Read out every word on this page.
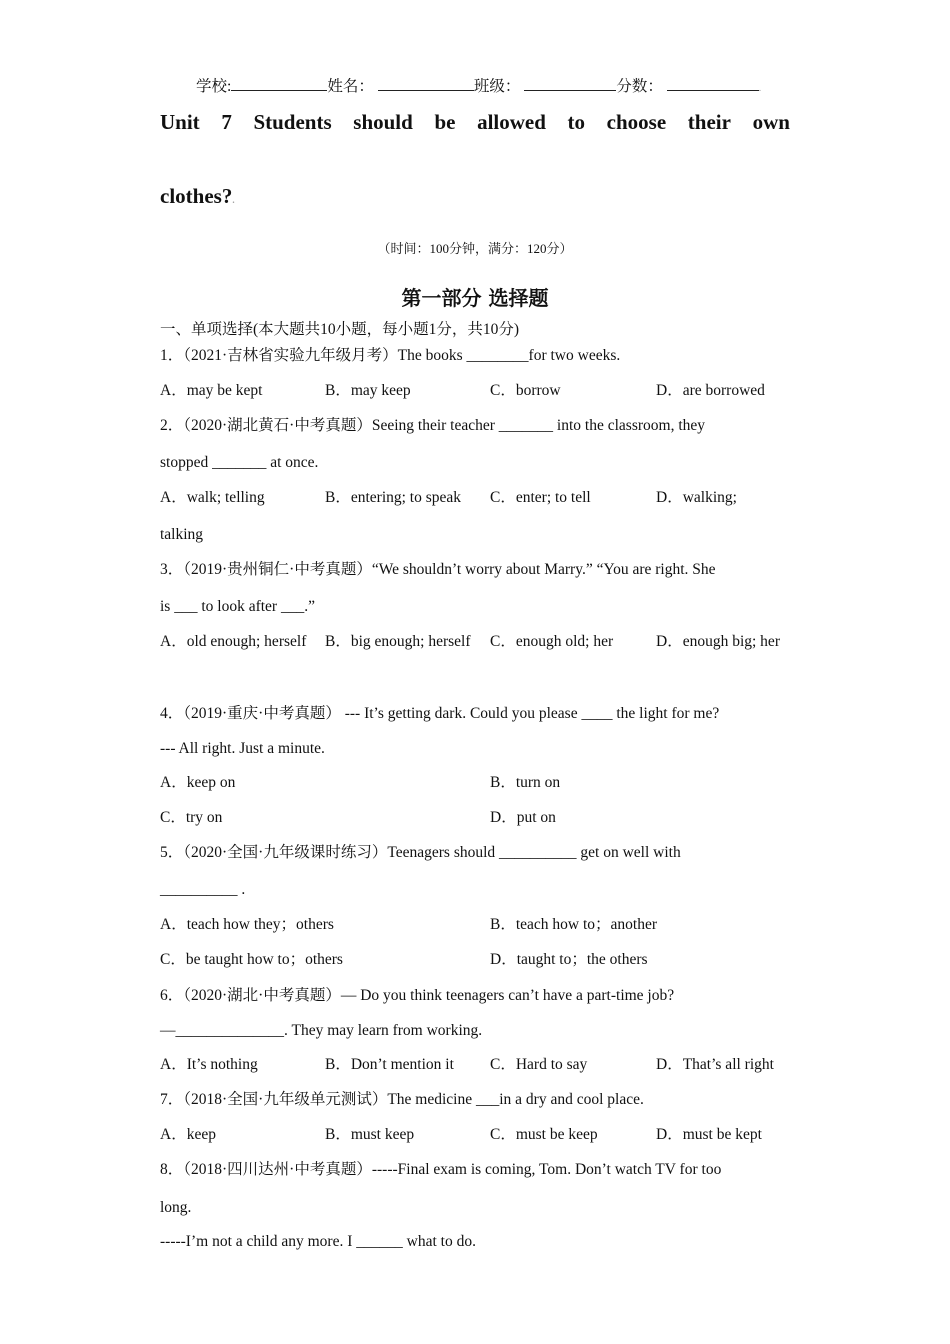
学校:	姓名：	班级：	分数：	.
Unit 7 Students should be allowed to choose their own
clothes?.
（时间：100分钟，满分：120分）
第一部分 选择题
一、单项选择(本大题共10小题，每小题1分，共10分)
1．（2021·吉林省实验九年级月考）The books ________for two weeks.
A．may be kept	B．may keep	C．borrow	D．are borrowed
2．（2020·湖北黄石·中考真题）Seeing their teacher _______ into the classroom, they
stopped _______ at once.
A．walk; telling	B．entering; to speak C．enter; to tell	D．walking;
talking
3．（2019·贵州铜仁·中考真题）“We shouldn’t worry about Marry.” “You are right. She
is ___ to look after ___.”
A．old enough; herself B．big enough; herself C．enough old; her	D．enough big; her
4．（2019·重庆·中考真题） --- It’s getting dark. Could you please ____ the light for me?
--- All right. Just a minute.
A．keep on	B．turn on
C．try on	D．put on
5．（2020·全国·九年级课时练习）Teenagers should __________ get on well with
__________ .
A．teach how they；others	B．teach how to；another
C．be taught how to；others	D．taught to；the others
6．（2020·湖北·中考真题）— Do you think teenagers can’t have a part-time job?
—______________. They may learn from working.
A．It’s nothing	B．Don’t mention it C．Hard to say	D．That’s all right
7．（2018·全国·九年级单元测试）The medicine ___in a dry and cool place.
A．keep	B．must keep	C．must be keep	D．must be kept
8．（2018·四川达州·中考真题）-----Final exam is coming, Tom. Don’t watch TV for too
long.
-----I’m not a child any more. I ______ what to do.
